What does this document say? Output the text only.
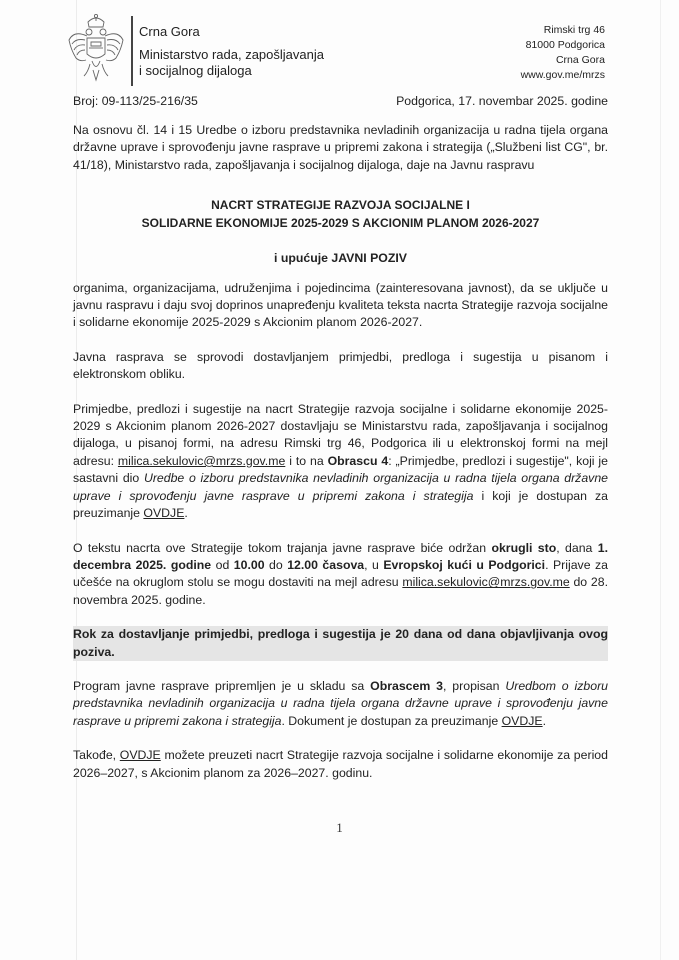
Crna Gora
Ministarstvo rada, zapošljavanja
i socijalnog dijaloga
Rimski trg 46
81000 Podgorica
Crna Gora
www.gov.me/mrzs
Broj: 09-113/25-216/35	Podgorica, 17. novembar 2025. godine

Na osnovu čl. 14 i 15 Uredbe o izboru predstavnika nevladinih organizacija u radna tijela organa državne uprave i sprovođenju javne rasprave u pripremi zakona i strategija („Službeni list CG", br. 41/18), Ministarstvo rada, zapošljavanja i socijalnog dijaloga, daje na Javnu raspravu

NACRT STRATEGIJE RAZVOJA SOCIJALNE I
SOLIDARNE EKONOMIJE 2025-2029 S AKCIONIM PLANOM 2026-2027
i upućuje JAVNI POZIV

organima, organizacijama, udruženjima i pojedincima (zainteresovana javnost), da se uključe u javnu raspravu i daju svoj doprinos unapređenju kvaliteta teksta nacrta Strategije razvoja socijalne i solidarne ekonomije 2025-2029 s Akcionim planom 2026-2027.

Javna rasprava se sprovodi dostavljanjem primjedbi, predloga i sugestija u pisanom i elektronskom obliku.

Primjedbe, predlozi i sugestije na nacrt Strategije razvoja socijalne i solidarne ekonomije 2025-2029 s Akcionim planom 2026-2027 dostavljaju se Ministarstvu rada, zapošljavanja i socijalnog dijaloga, u pisanoj formi, na adresu Rimski trg 46, Podgorica ili u elektronskoj formi na mejl adresu: milica.sekulovic@mrzs.gov.me i to na Obrascu 4: „Primjedbe, predlozi i sugestije", koji je sastavni dio Uredbe o izboru predstavnika nevladinih organizacija u radna tijela organa državne uprave i sprovođenju javne rasprave u pripremi zakona i strategija i koji je dostupan za preuzimanje OVDJE.

O tekstu nacrta ove Strategije tokom trajanja javne rasprave biće održan okrugli sto, dana 1. decembra 2025. godine od 10.00 do 12.00 časova, u Evropskoj kući u Podgorici. Prijave za učešće na okruglom stolu se mogu dostaviti na mejl adresu milica.sekulovic@mrzs.gov.me do 28. novembra 2025. godine.

Rok za dostavljanje primjedbi, predloga i sugestija je 20 dana od dana objavljivanja ovog poziva.

Program javne rasprave pripremljen je u skladu sa Obrascem 3, propisan Uredbom o izboru predstavnika nevladinih organizacija u radna tijela organa državne uprave i sprovođenju javne rasprave u pripremi zakona i strategija. Dokument je dostupan za preuzimanje OVDJE.

Takođe, OVDJE možete preuzeti nacrt Strategije razvoja socijalne i solidarne ekonomije za period 2026–2027, s Akcionim planom za 2026–2027. godinu.

1
